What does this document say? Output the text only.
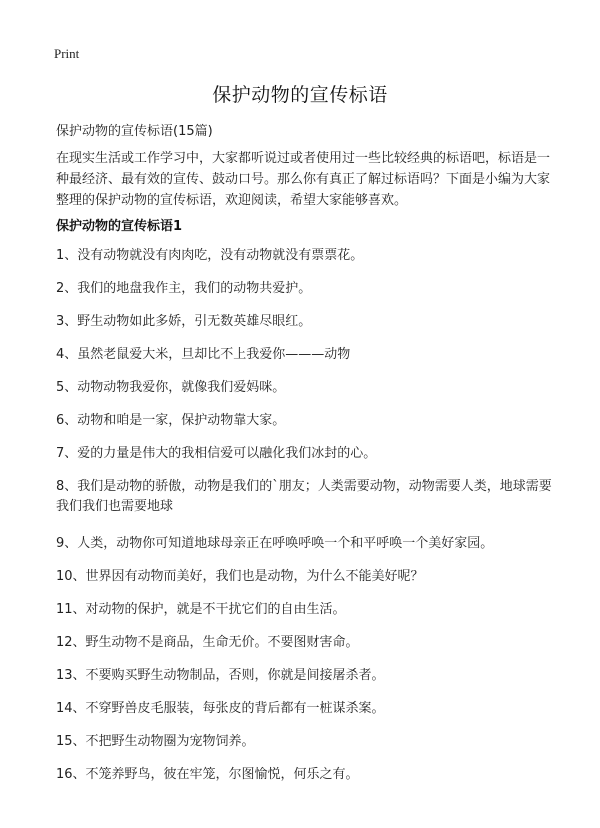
Print
保护动物的宣传标语
保护动物的宣传标语(15篇)
在现实生活或工作学习中，大家都听说过或者使用过一些比较经典的标语吧，标语是一种最经济、最有效的宣传、鼓动口号。那么你有真正了解过标语吗？下面是小编为大家整理的保护动物的宣传标语，欢迎阅读，希望大家能够喜欢。
保护动物的宣传标语1
1、没有动物就没有肉肉吃，没有动物就没有票票花。
2、我们的地盘我作主，我们的动物共爱护。
3、野生动物如此多娇，引无数英雄尽眼红。
4、虽然老鼠爱大米，旦却比不上我爱你———动物
5、动物动物我爱你，就像我们爱妈咪。
6、动物和咱是一家，保护动物靠大家。
7、爱的力量是伟大的我相信爱可以融化我们冰封的心。
8、我们是动物的骄傲，动物是我们的`朋友；人类需要动物，动物需要人类，地球需要我们我们也需要地球
9、人类，动物你可知道地球母亲正在呼唤呼唤一个和平呼唤一个美好家园。
10、世界因有动物而美好，我们也是动物，为什么不能美好呢？
11、对动物的保护，就是不干扰它们的自由生活。
12、野生动物不是商品，生命无价。不要图财害命。
13、不要购买野生动物制品，否则，你就是间接屠杀者。
14、不穿野兽皮毛服装，每张皮的背后都有一桩谋杀案。
15、不把野生动物圈为宠物饲养。
16、不笼养野鸟，彼在牢笼，尔图愉悦，何乐之有。
